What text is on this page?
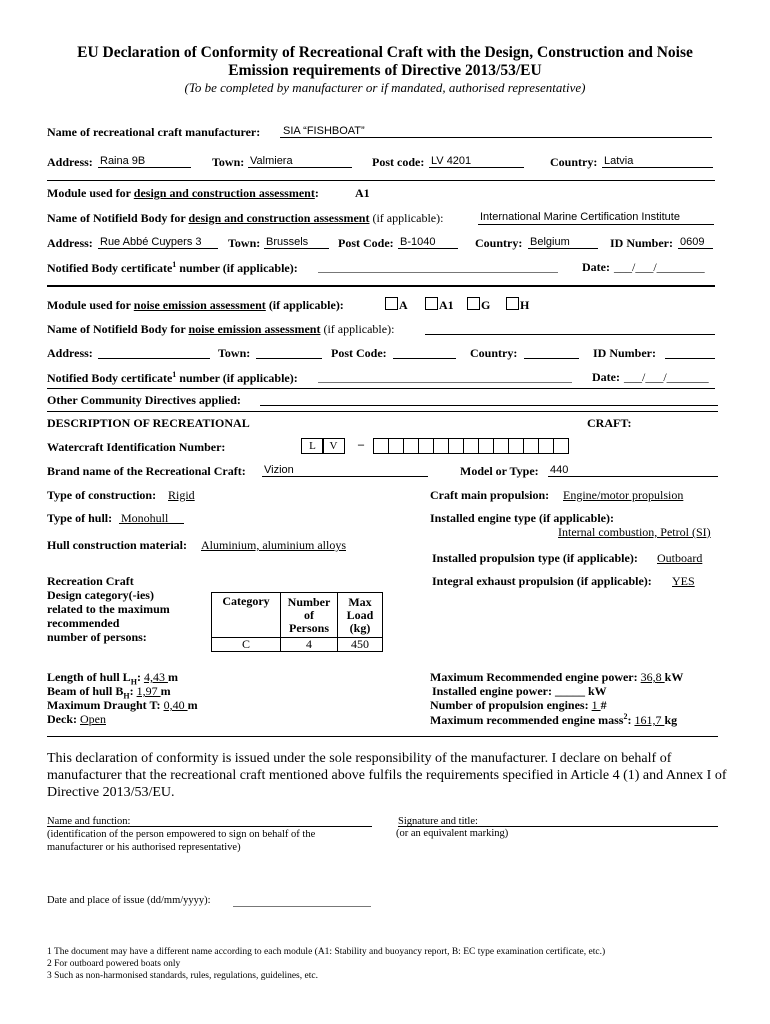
EU Declaration of Conformity of Recreational Craft with the Design, Construction and Noise
Emission requirements of Directive 2013/53/EU
(To be completed by manufacturer or if mandated, authorised representative)
Name of recreational craft manufacturer: SIA “FISHBOAT”
Address: Raina 9B	Town: Valmiera	Post code: LV 4201	Country: Latvia
Module used for design and construction assessment:	A1
Name of Notifield Body for design and construction assessment (if applicable):	International Marine Certification Institute
Address: Rue Abbé Cuypers 3 Town: Brussels Post Code: B-1040	Country: Belgium	ID Number: 0609
Notified Body certificate$^1$ number (if applicable):	Date: ___/___/________
Module used for noise emission assessment (if applicable):	A	A1	G	H
Name of Notifield Body for noise emission assessment (if applicable):
Address:	Town:	Post Code:	Country:	ID Number:
Notified Body certificate$^1$ number (if applicable):	Date: ___/___/_______
Other Community Directives applied:
DESCRIPTION OF RECREATIONAL	CRAFT:
Watercraft Identification Number:	L	V	–
Brand name of the Recreational Craft: Vizion	Model or Type: 440
Type of construction: Rigid	Craft main propulsion: Engine/motor propulsion
Type of hull: Monohull	Installed engine type (if applicable):
Internal combustion, Petrol (SI)
Hull construction material: Aluminium, aluminium alloys
Installed propulsion type (if applicable): Outboard
Recreation Craft
Design category(-ies)
related to the maximum
recommended
number of persons:
Integral exhaust propulsion (if applicable): YES
Category	Number of Persons	Max Load (kg)
C	4	450
Length of hull $L_H$: 4,43 m
Beam of hull $B_H$: 1,97 m
Maximum Draught T: 0,40 m
Deck: Open
Maximum Recommended engine power: 36,8 kW
Installed engine power: _____ kW
Number of propulsion engines: 1 #
Maximum recommended engine mass$^2$: 161,7 kg
This declaration of conformity is issued under the sole responsibility of the manufacturer. I declare on behalf of manufacturer that the recreational craft mentioned above fulfils the requirements specified in Article 4 (1) and Annex I of Directive 2013/53/EU.
Name and function:
(identification of the person empowered to sign on behalf of the manufacturer or his authorised representative)
Signature and title:
(or an equivalent marking)
Date and place of issue (dd/mm/yyyy):
1 The document may have a different name according to each module (A1: Stability and buoyancy report, B: EC type examination certificate, etc.)
2 For outboard powered boats only
3 Such as non-harmonised standards, rules, regulations, guidelines, etc.
